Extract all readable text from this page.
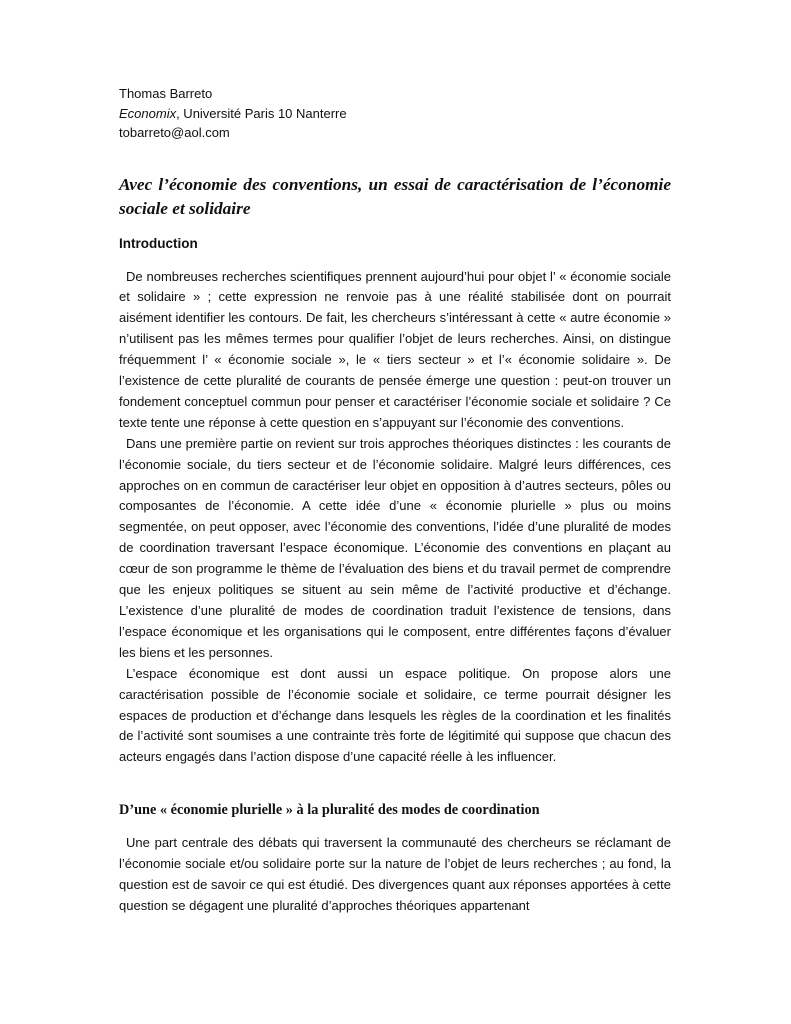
Thomas Barreto
Economix, Université Paris 10 Nanterre
tobarreto@aol.com
Avec l’économie des conventions, un essai de caractérisation de l’économie sociale et solidaire
Introduction

De nombreuses recherches scientifiques prennent aujourd’hui pour objet l’ « économie sociale et solidaire » ; cette expression ne renvoie pas à une réalité stabilisée dont on pourrait aisément identifier les contours. De fait, les chercheurs s’intéressant à cette « autre économie » n’utilisent pas les mêmes termes pour qualifier l’objet de leurs recherches. Ainsi, on distingue fréquemment l’ « économie sociale », le « tiers secteur » et l’« économie solidaire ». De l’existence de cette pluralité de courants de pensée émerge une question : peut-on trouver un fondement conceptuel commun pour penser et caractériser l’économie sociale et solidaire ? Ce texte tente une réponse à cette question en s’appuyant sur l’économie des conventions.

Dans une première partie on revient sur trois approches théoriques distinctes : les courants de l’économie sociale, du tiers secteur et de l’économie solidaire. Malgré leurs différences, ces approches on en commun de caractériser leur objet en opposition à d’autres secteurs, pôles ou composantes de l’économie. A cette idée d’une « économie plurielle » plus ou moins segmentée, on peut opposer, avec l’économie des conventions, l’idée d’une pluralité de modes de coordination traversant l’espace économique. L’économie des conventions en plaçant au cœur de son programme le thème de l’évaluation des biens et du travail permet de comprendre que les enjeux politiques se situent au sein même de l’activité productive et d’échange. L’existence d’une pluralité de modes de coordination traduit l’existence de tensions, dans l’espace économique et les organisations qui le composent, entre différentes façons d’évaluer les biens et les personnes.

L’espace économique est dont aussi un espace politique. On propose alors une caractérisation possible de l’économie sociale et solidaire, ce terme pourrait désigner les espaces de production et d’échange dans lesquels les règles de la coordination et les finalités de l’activité sont soumises a une contrainte très forte de légitimité qui suppose que chacun des acteurs engagés dans l’action dispose d’une capacité réelle à les influencer.

D’une « économie plurielle » à la pluralité des modes de coordination

Une part centrale des débats qui traversent la communauté des chercheurs se réclamant de l’économie sociale et/ou solidaire porte sur la nature de l’objet de leurs recherches ; au fond, la question est de savoir ce qui est étudié. Des divergences quant aux réponses apportées à cette question se dégagent une pluralité d’approches théoriques appartenant
